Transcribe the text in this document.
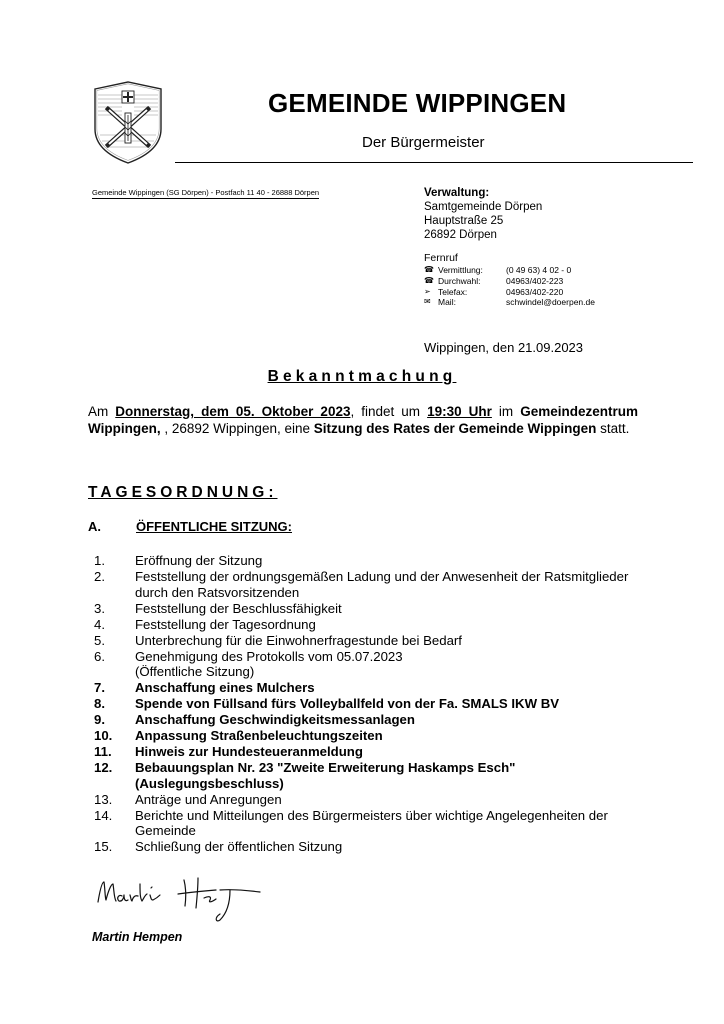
GEMEINDE WIPPINGEN
Der Bürgermeister
Gemeinde Wippingen (SG Dörpen) - Postfach 11 40 - 26888 Dörpen	Verwaltung:
Samtgemeinde Dörpen
Hauptstraße 25
26892 Dörpen
Fernruf
☎ Vermittlung:	(0 49 63) 4 02 - 0
☎ Durchwahl:	04963/402-223
➢ Telefax:	04963/402-220
✉ Mail:	schwindel@doerpen.de
Wippingen, den 21.09.2023
Bekanntmachung
Am Donnerstag, dem 05. Oktober 2023, findet um 19:30 Uhr im Gemeindezentrum Wippingen, , 26892 Wippingen, eine Sitzung des Rates der Gemeinde Wippingen statt.
TAGESORDNUNG:
A.	ÖFFENTLICHE SITZUNG:
1.	Eröffnung der Sitzung
2.	Feststellung der ordnungsgemäßen Ladung und der Anwesenheit der Ratsmitglieder durch den Ratsvorsitzenden
3.	Feststellung der Beschlussfähigkeit
4.	Feststellung der Tagesordnung
5.	Unterbrechung für die Einwohnerfragestunde bei Bedarf
6.	Genehmigung des Protokolls vom 05.07.2023
(Öffentliche Sitzung)
7.	Anschaffung eines Mulchers
8.	Spende von Füllsand fürs Volleyballfeld von der Fa. SMALS IKW BV
9.	Anschaffung Geschwindigkeitsmessanlagen
10.	Anpassung Straßenbeleuchtungszeiten
11.	Hinweis zur Hundesteueranmeldung
12.	Bebauungsplan Nr. 23 "Zweite Erweiterung Haskamps Esch"
(Auslegungsbeschluss)
13.	Anträge und Anregungen
14.	Berichte und Mitteilungen des Bürgermeisters über wichtige Angelegenheiten der Gemeinde
15.	Schließung der öffentlichen Sitzung
Martin Hempen
